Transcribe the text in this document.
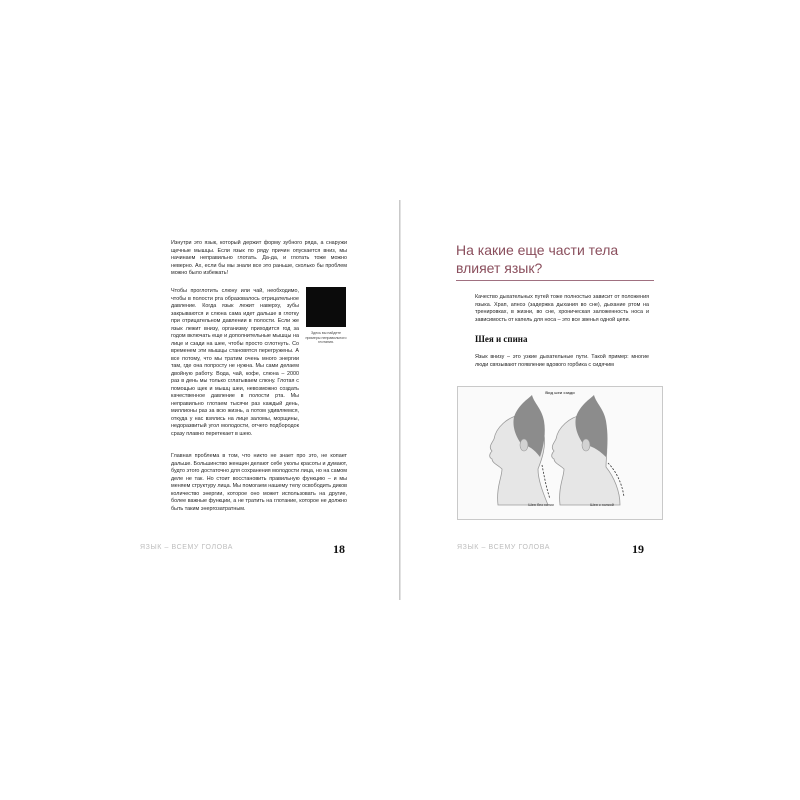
Изнутри это язык, который держит форму зубного ряда, а снаружи щечные мышцы. Если язык по ряду причин опускается вниз, мы начинаем неправильно глотать. Да-да, и глотать тоже можно неверно. Ах, если бы мы знали все это раньше, сколько бы проблем можно было избежать!

Чтобы проглотить слюну или чай, необходимо, чтобы в полости рта образовалось отрицательное давление. Когда язык лежит наверху, зубы закрываются и слюна сама идет дальше в глотку при отрицательном давлении в полости. Если же язык лежит внизу, организму приходится год за годом включать еще и дополнительные мышцы на лице и сзади на шее, чтобы просто сглотнуть. Со временем эти мышцы становятся перегружены. А все потому, что мы тратим очень много энергии там, где она попросту не нужна. Мы сами делаем двойную работу. Вода, чай, кофе, слюна – 2000 раз в день мы только сглатываем слюну. Глотая с помощью щек и мышц шеи, невозможно создать качественное давление в полости рта. Мы неправильно глотаем тысячи раз каждый день, миллионы раз за всю жизнь, а потом удивляемся, откуда у нас взялись на лице заломы, морщины, недоразвитый угол молодости, отчего подбородок сразу плавно перетекает в шею.

Здесь вы найдете примеры неправильного глотания.

Главная проблема в том, что никто не знает про это, не копает дальше. Большинство женщин делают себе уколы красоты и думают, будто этого достаточно для сохранения молодости лица, но на самом деле не так. Но стоит восстановить правильную функцию – и мы меняем структуру лица. Мы помогаем нашему телу освободить диков количество энергии, которое оно может использовать на другие, более важные функции, а не тратить на глотание, которое не должно быть таким энергозатратным.

ЯЗЫК – ВСЕМУ ГОЛОВА	18
На какие еще части тела влияет язык?

Качество дыхательных путей тоже полностью зависит от положения языка. Храп, апноэ (задержка дыхания во сне), дыхание ртом на тренировках, в жизни, во сне, хроническая заложенность носа и зависимость от капель для носа – это все звенья одной цепи.

Шея и спина

Язык внизу – это узкие дыхательные пути. Такой пример: многие люди связывают появление вдового горбика с сидячим

Вид шеи сзади
Шея без холки	Шея с холкой
ЯЗЫК – ВСЕМУ ГОЛОВА	19
